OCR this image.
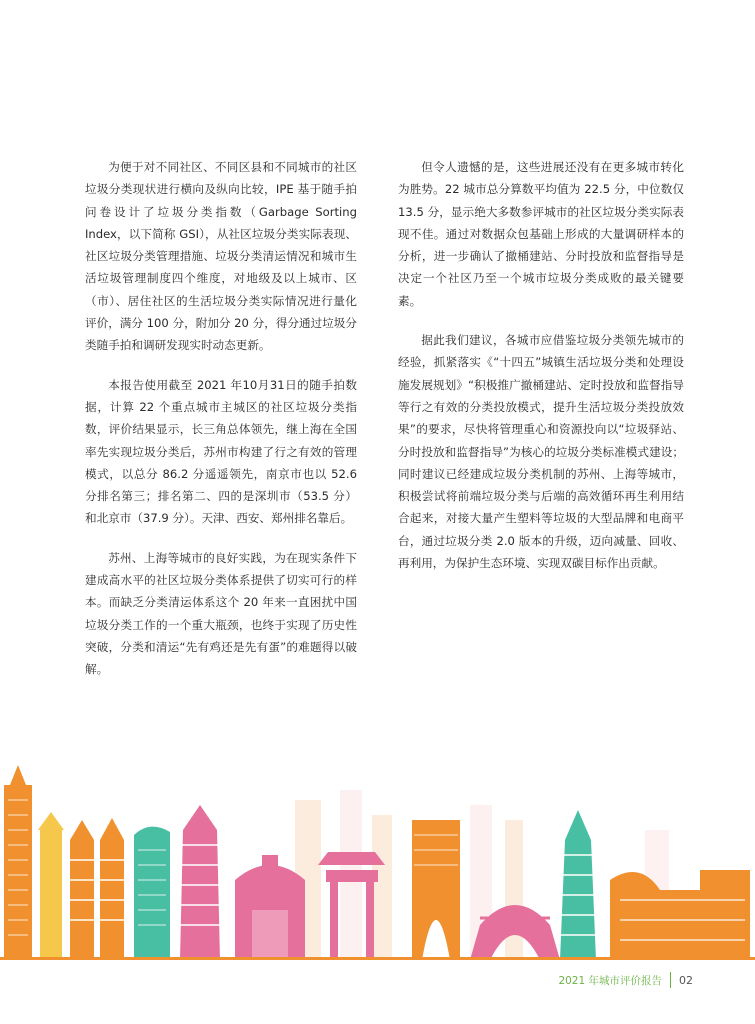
为便于对不同社区、不同区县和不同城市的社区垃圾分类现状进行横向及纵向比较，IPE 基于随手拍问卷设计了垃圾分类指数（Garbage Sorting Index，以下简称 GSI），从社区垃圾分类实际表现、社区垃圾分类管理措施、垃圾分类清运情况和城市生活垃圾管理制度四个维度，对地级及以上城市、区（市）、居住社区的生活垃圾分类实际情况进行量化评价，满分 100 分，附加分 20 分，得分通过垃圾分类随手拍和调研发现实时动态更新。

本报告使用截至 2021 年10月31日的随手拍数据，计算 22 个重点城市主城区的社区垃圾分类指数，评价结果显示，长三角总体领先，继上海在全国率先实现垃圾分类后，苏州市构建了行之有效的管理模式，以总分 86.2 分遥遥领先，南京市也以 52.6 分排名第三；排名第二、四的是深圳市（53.5 分）和北京市（37.9 分）。天津、西安、郑州排名靠后。

苏州、上海等城市的良好实践，为在现实条件下建成高水平的社区垃圾分类体系提供了切实可行的样本。而缺乏分类清运体系这个 20 年来一直困扰中国垃圾分类工作的一个重大瓶颈，也终于实现了历史性突破，分类和清运“先有鸡还是先有蛋”的难题得以破解。

但令人遗憾的是，这些进展还没有在更多城市转化为胜势。22 城市总分算数平均值为 22.5 分，中位数仅 13.5 分，显示绝大多数参评城市的社区垃圾分类实际表现不佳。通过对数据众包基础上形成的大量调研样本的分析，进一步确认了撤桶建站、分时投放和监督指导是决定一个社区乃至一个城市垃圾分类成败的最关键要素。

据此我们建议，各城市应借鉴垃圾分类领先城市的经验，抓紧落实《“十四五”城镇生活垃圾分类和处理设施发展规划》“积极推广撤桶建站、定时投放和监督指导等行之有效的分类投放模式，提升生活垃圾分类投放效果”的要求，尽快将管理重心和资源投向以“垃圾驿站、分时投放和监督指导”为核心的垃圾分类标准模式建设；同时建议已经建成垃圾分类机制的苏州、上海等城市，积极尝试将前端垃圾分类与后端的高效循环再生利用结合起来，对接大量产生塑料等垃圾的大型品牌和电商平台，通过垃圾分类 2.0 版本的升级，迈向减量、回收、再利用，为保护生态环境、实现双碳目标作出贡献。

2021 年城市评价报告 02
